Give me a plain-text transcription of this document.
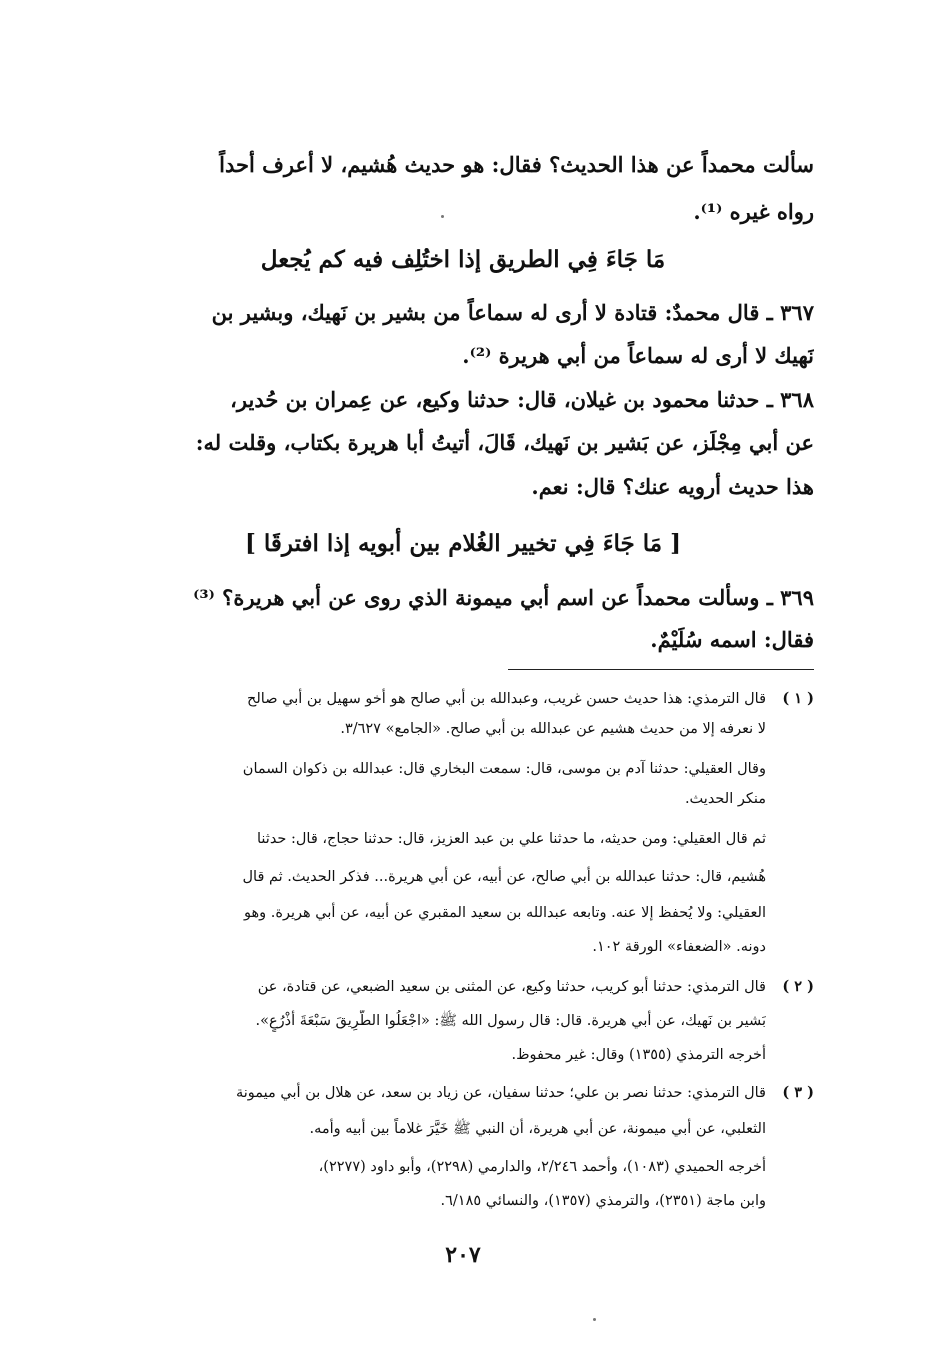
سألت محمداً عن هذا الحديث؟ فقال: هو حديث هُشيم، لا أعرف أحداً
رواه غيره ⁽¹⁾.
مَا جَاءَ فِي الطريق إذا اختُلِف فيه كم يُجعل
٣٦٧ ـ قال محمدٌ: قتادة لا أرى له سماعاً من بشير بن نَهيك، وبشير بن
نَهيك لا أرى له سماعاً من أبي هريرة ⁽²⁾.
٣٦٨ ـ حدثنا محمود بن غيلان، قال: حدثنا وكيع، عن عِمران بن حُدير،
عن أبي مِجْلَز، عن بَشير بن نَهيك، قَالَ، أتيتُ أبا هريرة بكتاب، وقلت له:
هذا حديث أرويه عنك؟ قال: نعم.
[ مَا جَاءَ فِي تخيير الغُلام بين أبويه إذا افترقَا ]
٣٦٩ ـ وسألت محمداً عن اسم أبي ميمونة الذي روى عن أبي هريرة؟ ⁽³⁾
فقال: اسمه سُلَيْمٌ.
( ١ )
قال الترمذي: هذا حديث حسن غريب، وعبدالله بن أبي صالح هو أخو سهيل بن أبي صالح
لا نعرفه إلا من حديث هشيم عن عبدالله بن أبي صالح. «الجامع» ٣/٦٢٧.
وقال العقيلي: حدثنا آدم بن موسى، قال: سمعت البخاري قال: عبدالله بن ذكوان السمان
منكر الحديث.
ثم قال العقيلي: ومن حديثه، ما حدثنا علي بن عبد العزيز، قال: حدثنا حجاج، قال: حدثنا
هُشيم، قال: حدثنا عبدالله بن أبي صالح، عن أبيه، عن أبي هريرة... فذكر الحديث. ثم قال
العقيلي: ولا يُحفظ إلا عنه. وتابعه عبدالله بن سعيد المقبري عن أبيه، عن أبي هريرة. وهو
دونه. «الضعفاء» الورقة ١٠٢.
( ٢ )
قال الترمذي: حدثنا أبو كريب، حدثنا وكيع، عن المثنى بن سعيد الضبعي، عن قتادة، عن
بَشير بن نَهيك، عن أبي هريرة. قال: قال رسول الله ﷺ: «اجْعَلُوا الطَّرِيقَ سَبْعَةَ أَذْرُعٍ».
أخرجه الترمذي (١٣٥٥) وقال: غير محفوظ.
( ٣ )
قال الترمذي: حدثنا نصر بن علي؛ حدثنا سفيان، عن زياد بن سعد، عن هلال بن أبي ميمونة
الثعلبي، عن أبي ميمونة، عن أبي هريرة، أن النبي ﷺ خَيَّرَ غلاماً بين أبيه وأمه.
أخرجه الحميدي (١٠٨٣)، وأحمد ٢/٢٤٦، والدارمي (٢٢٩٨)، وأبو داود (٢٢٧٧)،
وابن ماجة (٢٣٥١)، والترمذي (١٣٥٧)، والنسائي ٦/١٨٥.
٢٠٧
